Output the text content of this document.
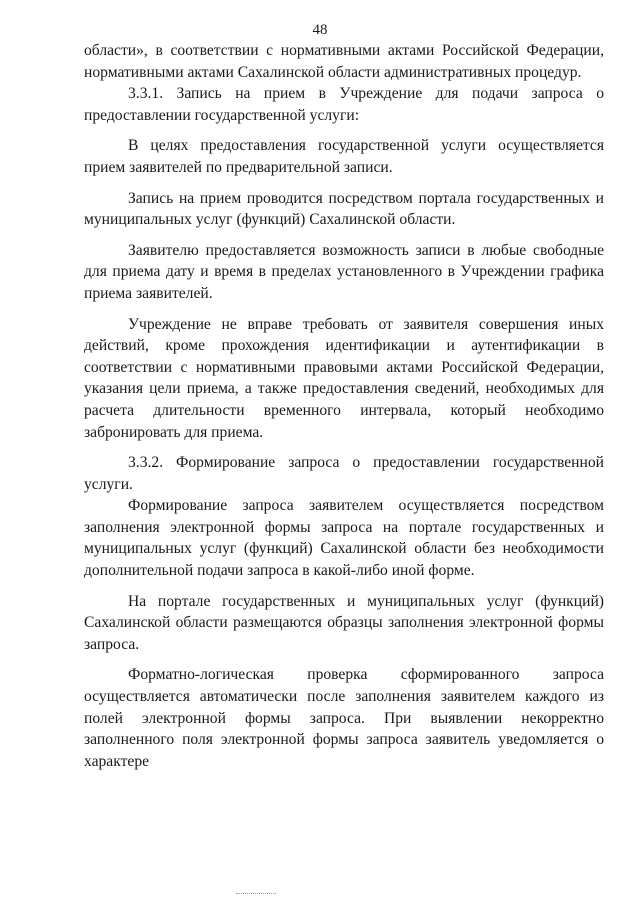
48

области», в соответствии с нормативными актами Российской Федерации, нормативными актами Сахалинской области административных процедур.

3.3.1. Запись на прием в Учреждение для подачи запроса о предоставлении государственной услуги:

В целях предоставления государственной услуги осуществляется прием заявителей по предварительной записи.

Запись на прием проводится посредством портала государственных и муниципальных услуг (функций) Сахалинской области.

Заявителю предоставляется возможность записи в любые свободные для приема дату и время в пределах установленного в Учреждении графика приема заявителей.

Учреждение не вправе требовать от заявителя совершения иных действий, кроме прохождения идентификации и аутентификации в соответствии с нормативными правовыми актами Российской Федерации, указания цели приема, а также предоставления сведений, необходимых для расчета длительности временного интервала, который необходимо забронировать для приема.

3.3.2. Формирование запроса о предоставлении государственной услуги.

Формирование запроса заявителем осуществляется посредством заполнения электронной формы запроса на портале государственных и муниципальных услуг (функций) Сахалинской области без необходимости дополнительной подачи запроса в какой-либо иной форме.

На портале государственных и муниципальных услуг (функций) Сахалинской области размещаются образцы заполнения электронной формы запроса.

Форматно-логическая проверка сформированного запроса осуществляется автоматически после заполнения заявителем каждого из полей электронной формы запроса. При выявлении некорректно заполненного поля электронной формы запроса заявитель уведомляется о характере
